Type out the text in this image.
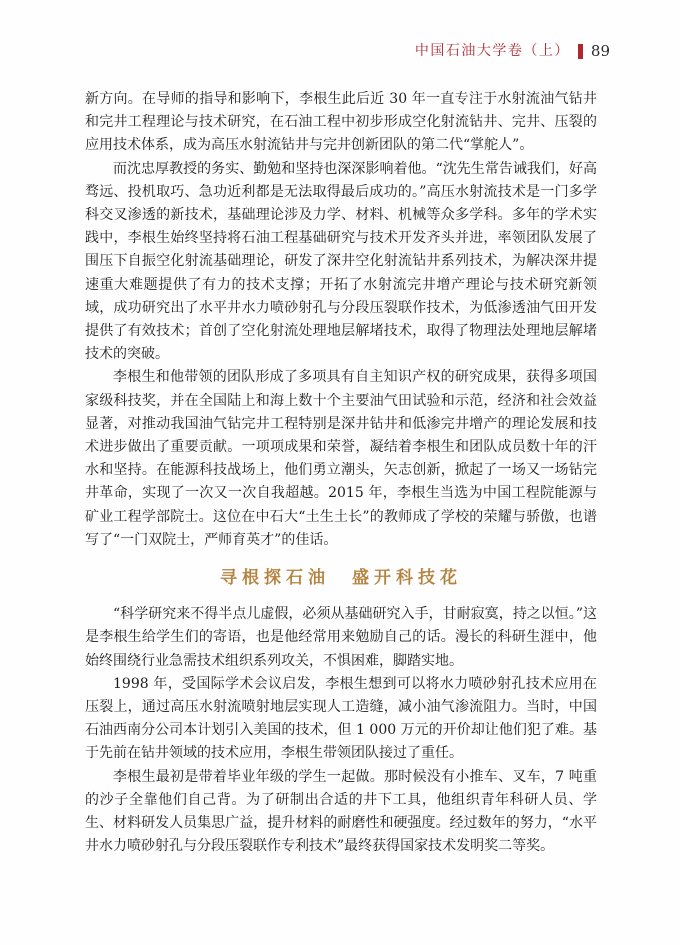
中国石油大学卷（上） 89

新方向。在导师的指导和影响下，李根生此后近 30 年一直专注于水射流油气钻井和完井工程理论与技术研究，在石油工程中初步形成空化射流钻井、完井、压裂的应用技术体系，成为高压水射流钻井与完井创新团队的第二代“掌舵人”。

而沈忠厚教授的务实、勤勉和坚持也深深影响着他。“沈先生常告诫我们，好高骛远、投机取巧、急功近利都是无法取得最后成功的。”高压水射流技术是一门多学科交叉渗透的新技术，基础理论涉及力学、材料、机械等众多学科。多年的学术实践中，李根生始终坚持将石油工程基础研究与技术开发齐头并进，率领团队发展了围压下自振空化射流基础理论，研发了深井空化射流钻井系列技术，为解决深井提速重大难题提供了有力的技术支撑；开拓了水射流完井增产理论与技术研究新领域，成功研究出了水平井水力喷砂射孔与分段压裂联作技术，为低渗透油气田开发提供了有效技术；首创了空化射流处理地层解堵技术，取得了物理法处理地层解堵技术的突破。

李根生和他带领的团队形成了多项具有自主知识产权的研究成果，获得多项国家级科技奖，并在全国陆上和海上数十个主要油气田试验和示范，经济和社会效益显著，对推动我国油气钻完井工程特别是深井钻井和低渗完井增产的理论发展和技术进步做出了重要贡献。一项项成果和荣誉，凝结着李根生和团队成员数十年的汗水和坚持。在能源科技战场上，他们勇立潮头，矢志创新，掀起了一场又一场钻完井革命，实现了一次又一次自我超越。2015 年，李根生当选为中国工程院能源与矿业工程学部院士。这位在中石大“土生土长”的教师成了学校的荣耀与骄傲，也谱写了“一门双院士，严师育英才”的佳话。

寻根探石油　盛开科技花

“科学研究来不得半点儿虚假，必须从基础研究入手，甘耐寂寞，持之以恒。”这是李根生给学生们的寄语，也是他经常用来勉励自己的话。漫长的科研生涯中，他始终围绕行业急需技术组织系列攻关，不惧困难，脚踏实地。

1998 年，受国际学术会议启发，李根生想到可以将水力喷砂射孔技术应用在压裂上，通过高压水射流喷射地层实现人工造缝，减小油气渗流阻力。当时，中国石油西南分公司本计划引入美国的技术，但 1 000 万元的开价却让他们犯了难。基于先前在钻井领域的技术应用，李根生带领团队接过了重任。

李根生最初是带着毕业年级的学生一起做。那时候没有小推车、叉车，7 吨重的沙子全靠他们自己背。为了研制出合适的井下工具，他组织青年科研人员、学生、材料研发人员集思广益，提升材料的耐磨性和硬强度。经过数年的努力，“水平井水力喷砂射孔与分段压裂联作专利技术”最终获得国家技术发明奖二等奖。
